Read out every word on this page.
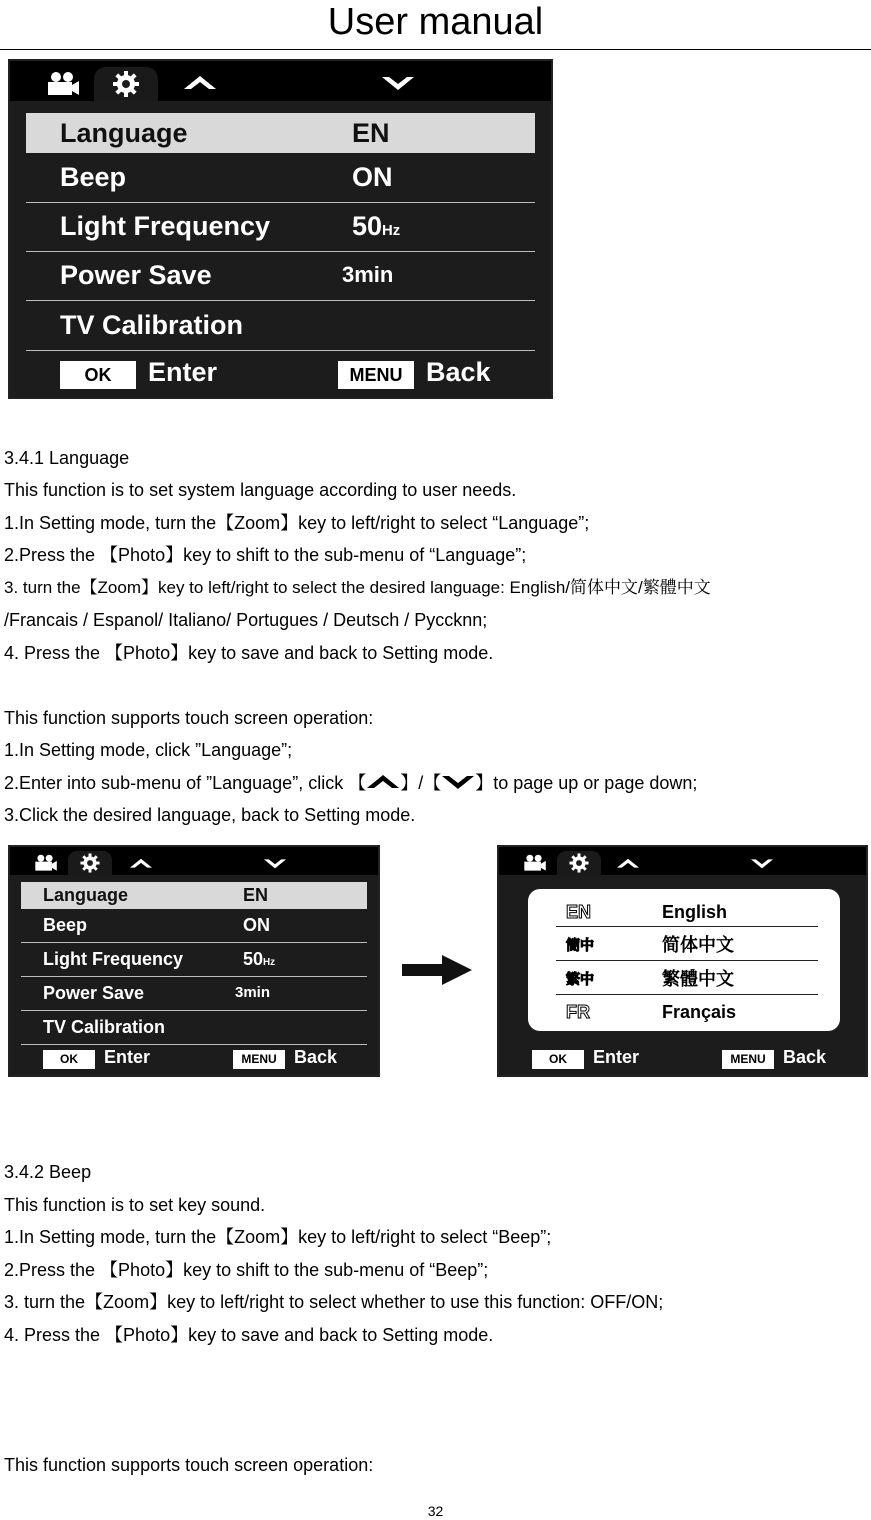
User manual
Language	EN
Beep	ON
Light Frequency	50Hz
Power Save	3min
TV Calibration
OK	Enter	MENU Back
3.4.1 Language
This function is to set system language according to user needs.
1.In Setting mode, turn the【Zoom】key to left/right to select “Language”;
2.Press the 【Photo】key to shift to the sub-menu of “Language”;
3. turn the【Zoom】key to left/right to select the desired language: English/简体中文/繁體中文
/Francais / Espanol/ Italiano/ Portugues / Deutsch / Pyccknn;
4. Press the 【Photo】key to save and back to Setting mode.
This function supports touch screen operation:
1.In Setting mode, click ”Language”;
2.Enter into sub-menu of ”Language”, click 【 】/【 】to page up or page down;
3.Click the desired language, back to Setting mode.
Language	EN
Beep	ON
Light Frequency	50Hz
Power Save	3min
TV Calibration
OK	Enter	MENU Back
EN	English
簡中	简体中文
繁中	繁體中文
FR	Français
OK	Enter	MENU Back
3.4.2 Beep
This function is to set key sound.
1.In Setting mode, turn the【Zoom】key to left/right to select “Beep”;
2.Press the 【Photo】key to shift to the sub-menu of “Beep”;
3. turn the【Zoom】key to left/right to select whether to use this function: OFF/ON;
4. Press the 【Photo】key to save and back to Setting mode.
This function supports touch screen operation:
32
